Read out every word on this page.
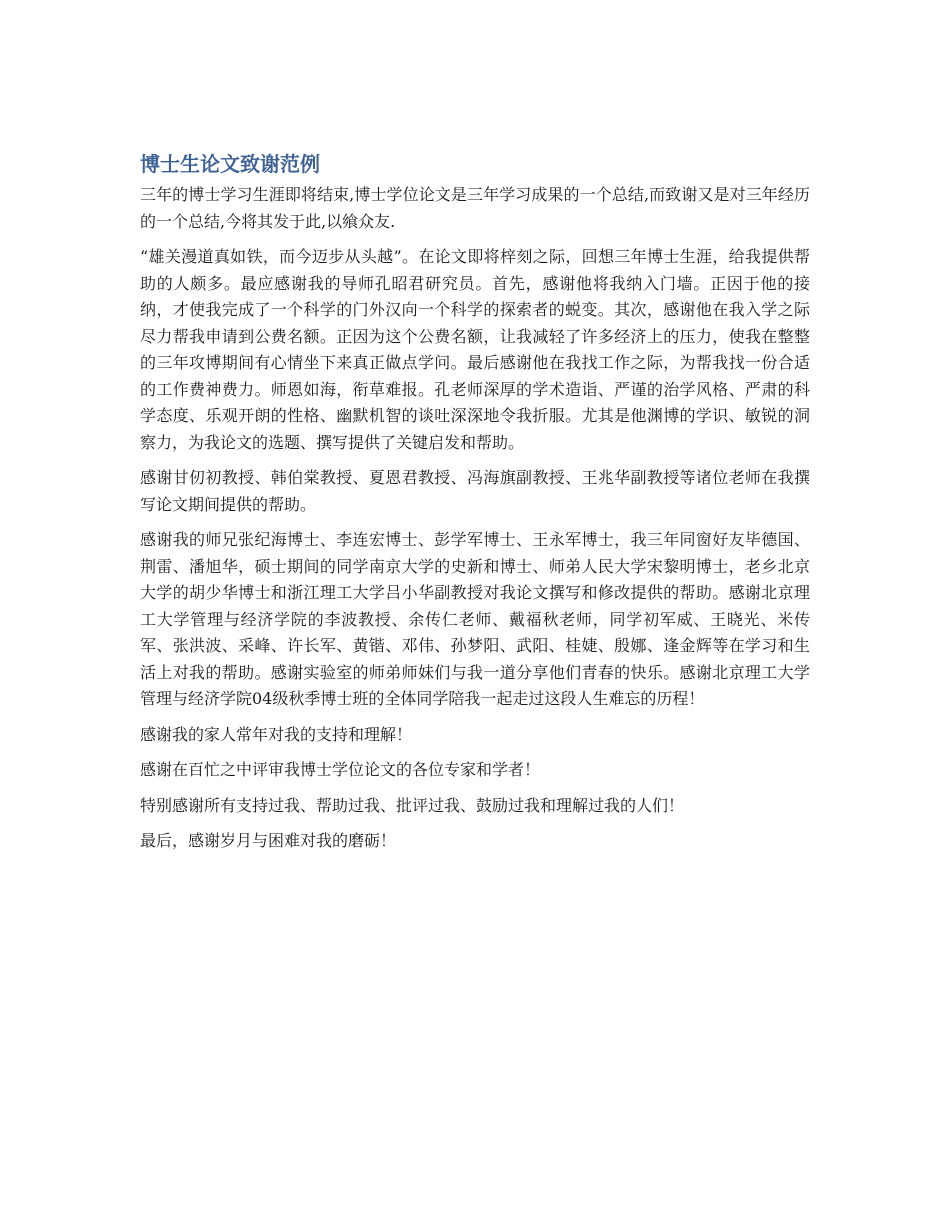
博士生论文致谢范例

三年的博士学习生涯即将结束,博士学位论文是三年学习成果的一个总结,而致谢又是对三年经历的一个总结,今将其发于此,以飨众友.

“雄关漫道真如铁，而今迈步从头越”。在论文即将梓刻之际，回想三年博士生涯，给我提供帮助的人颇多。最应感谢我的导师孔昭君研究员。首先，感谢他将我纳入门墙。正因于他的接纳，才使我完成了一个科学的门外汉向一个科学的探索者的蜕变。其次，感谢他在我入学之际尽力帮我申请到公费名额。正因为这个公费名额，让我减轻了许多经济上的压力，使我在整整的三年攻博期间有心情坐下来真正做点学问。最后感谢他在我找工作之际，为帮我找一份合适的工作费神费力。师恩如海，衔草难报。孔老师深厚的学术造诣、严谨的治学风格、严肃的科学态度、乐观开朗的性格、幽默机智的谈吐深深地令我折服。尤其是他渊博的学识、敏锐的洞察力，为我论文的选题、撰写提供了关键启发和帮助。

感谢甘仞初教授、韩伯棠教授、夏恩君教授、冯海旗副教授、王兆华副教授等诸位老师在我撰写论文期间提供的帮助。

感谢我的师兄张纪海博士、李连宏博士、彭学军博士、王永军博士，我三年同窗好友毕德国、荆雷、潘旭华，硕士期间的同学南京大学的史新和博士、师弟人民大学宋黎明博士，老乡北京大学的胡少华博士和浙江理工大学吕小华副教授对我论文撰写和修改提供的帮助。感谢北京理工大学管理与经济学院的李波教授、余传仁老师、戴福秋老师，同学初军威、王晓光、米传军、张洪波、采峰、许长军、黄锴、邓伟、孙梦阳、武阳、桂婕、殷娜、逢金辉等在学习和生活上对我的帮助。感谢实验室的师弟师妹们与我一道分享他们青春的快乐。感谢北京理工大学管理与经济学院04级秋季博士班的全体同学陪我一起走过这段人生难忘的历程！

感谢我的家人常年对我的支持和理解！

感谢在百忙之中评审我博士学位论文的各位专家和学者！

特别感谢所有支持过我、帮助过我、批评过我、鼓励过我和理解过我的人们！

最后，感谢岁月与困难对我的磨砺！
